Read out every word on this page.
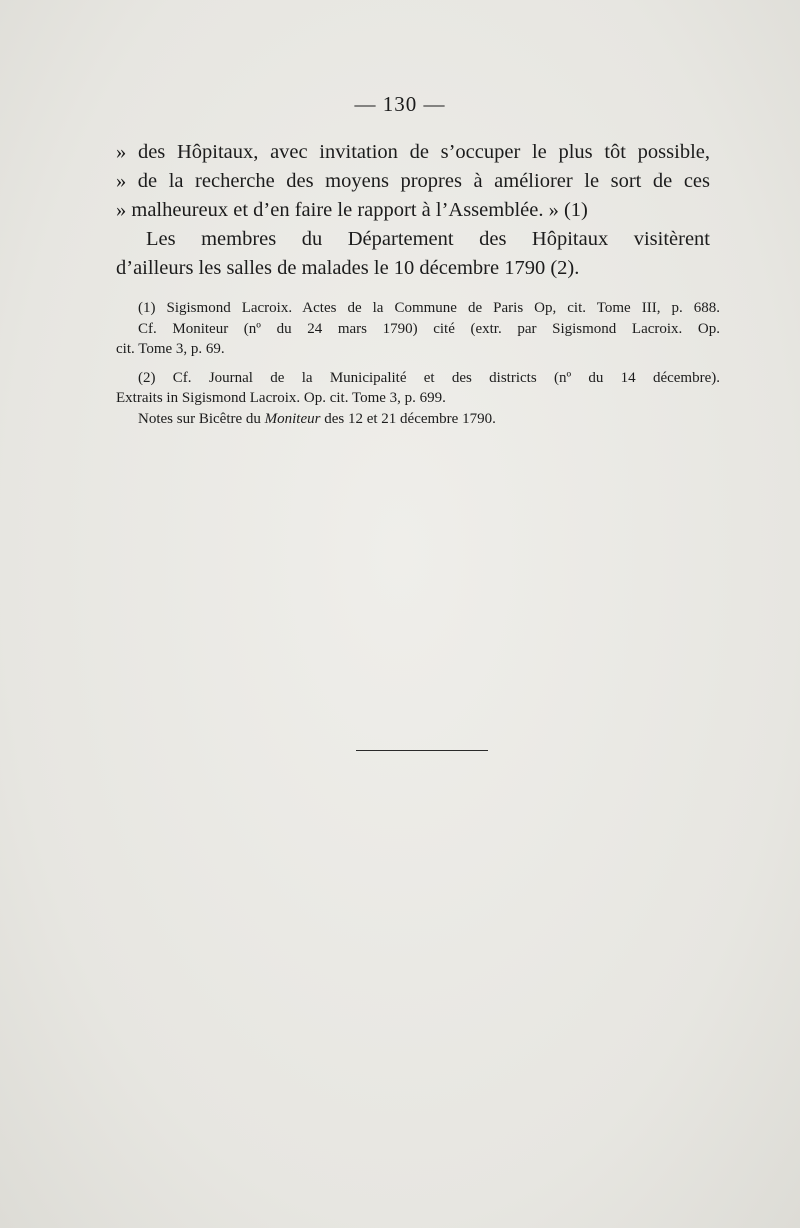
— 130 —
» des Hôpitaux, avec invitation de s’occuper le plus tôt possible,
» de la recherche des moyens propres à améliorer le sort de ces
» malheureux et d’en faire le rapport à l’Assemblée. » (1)
Les membres du Département des Hôpitaux visitèrent
d’ailleurs les salles de malades le 10 décembre 1790 (2).
(1) Sigismond Lacroix. Actes de la Commune de Paris Op, cit. Tome III, p. 688.
Cf. Moniteur (nº du 24 mars 1790) cité (extr. par Sigismond Lacroix. Op.
cit. Tome 3, p. 69.
(2) Cf. Journal de la Municipalité et des districts (nº du 14 décembre).
Extraits in Sigismond Lacroix. Op. cit. Tome 3, p. 699.
Notes sur Bicêtre du Moniteur des 12 et 21 décembre 1790.
